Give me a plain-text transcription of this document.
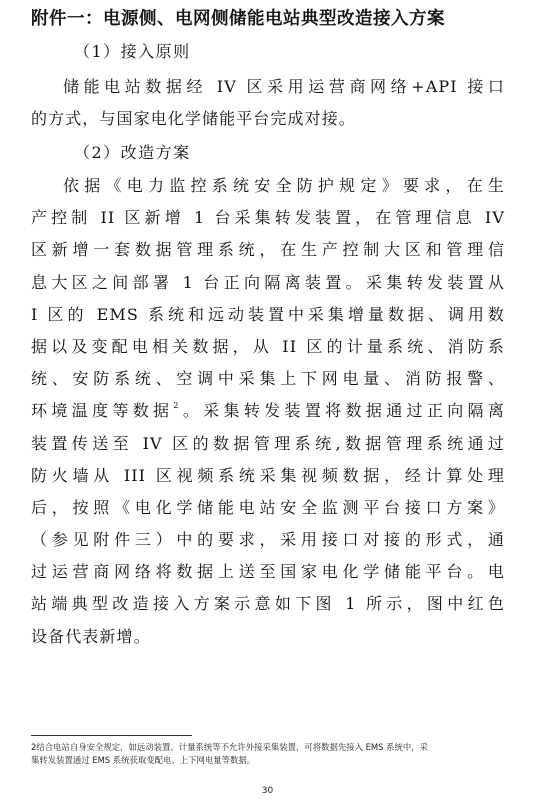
附件一：电源侧、电网侧储能电站典型改造接入方案
（1）接入原则
储能电站数据经 IV 区采用运营商网络+API 接口
的方式，与国家电化学储能平台完成对接。
（2）改造方案
依据《电力监控系统安全防护规定》要求，在生
产控制 II 区新增 1 台采集转发装置，在管理信息 IV
区新增一套数据管理系统，在生产控制大区和管理信
息大区之间部署 1 台正向隔离装置。采集转发装置从
I 区的 EMS 系统和远动装置中采集增量数据、调用数
据以及变配电相关数据，从 II 区的计量系统、消防系
统、安防系统、空调中采集上下网电量、消防报警、
环境温度等数据$^2$。采集转发装置将数据通过正向隔离
装置传送至 IV 区的数据管理系统,数据管理系统通过
防火墙从 III 区视频系统采集视频数据，经计算处理
后，按照《电化学储能电站安全监测平台接口方案》
（参见附件三）中的要求，采用接口对接的形式，通
过运营商网络将数据上送至国家电化学储能平台。电
站端典型改造接入方案示意如下图 1 所示，图中红色
设备代表新增。
2结合电站自身安全规定，如远动装置、计量系统等不允许外接采集装置，可将数据先接入 EMS 系统中，采
集转发装置通过 EMS 系统获取变配电、上下网电量等数据。
30
